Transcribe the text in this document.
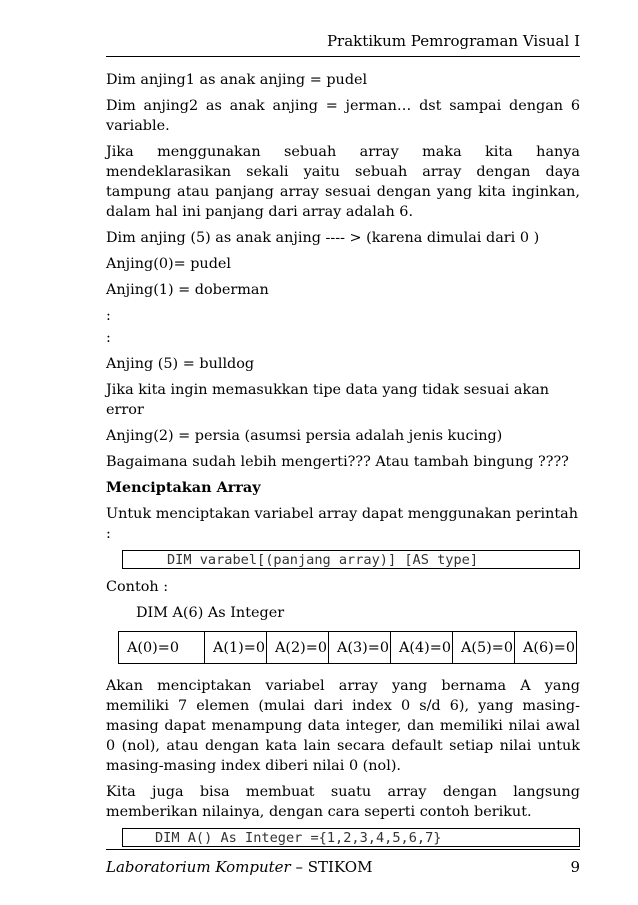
Praktikum Pemrograman Visual I

Dim anjing1 as anak anjing = pudel

Dim anjing2 as anak anjing = jerman… dst sampai dengan 6 variable.

Jika menggunakan sebuah array maka kita hanya mendeklarasikan sekali yaitu sebuah array dengan daya tampung atau panjang array sesuai dengan yang kita inginkan, dalam hal ini panjang dari array adalah 6.

Dim anjing (5) as anak anjing ---- > (karena dimulai dari 0 )

Anjing(0)= pudel

Anjing(1) = doberman

:

:

Anjing (5) = bulldog

Jika kita ingin memasukkan tipe data yang tidak sesuai akan error

Anjing(2) = persia (asumsi persia adalah jenis kucing)

Bagaimana sudah lebih mengerti??? Atau tambah bingung ????

Menciptakan Array

Untuk menciptakan variabel array dapat menggunakan perintah :

DIM varabel[(panjang array)] [AS type]

Contoh :

DIM A(6) As Integer

A(0)=0	A(1)=0	A(2)=0	A(3)=0	A(4)=0	A(5)=0	A(6)=0

Akan menciptakan variabel array yang bernama A yang memiliki 7 elemen (mulai dari index 0 s/d 6), yang masing-masing dapat menampung data integer, dan memiliki nilai awal 0 (nol), atau dengan kata lain secara default setiap nilai untuk masing-masing index diberi nilai 0 (nol).

Kita juga bisa membuat suatu array dengan langsung memberikan nilainya, dengan cara seperti contoh berikut.

DIM A() As Integer ={1,2,3,4,5,6,7}
Laboratorium Komputer – STIKOM	9
